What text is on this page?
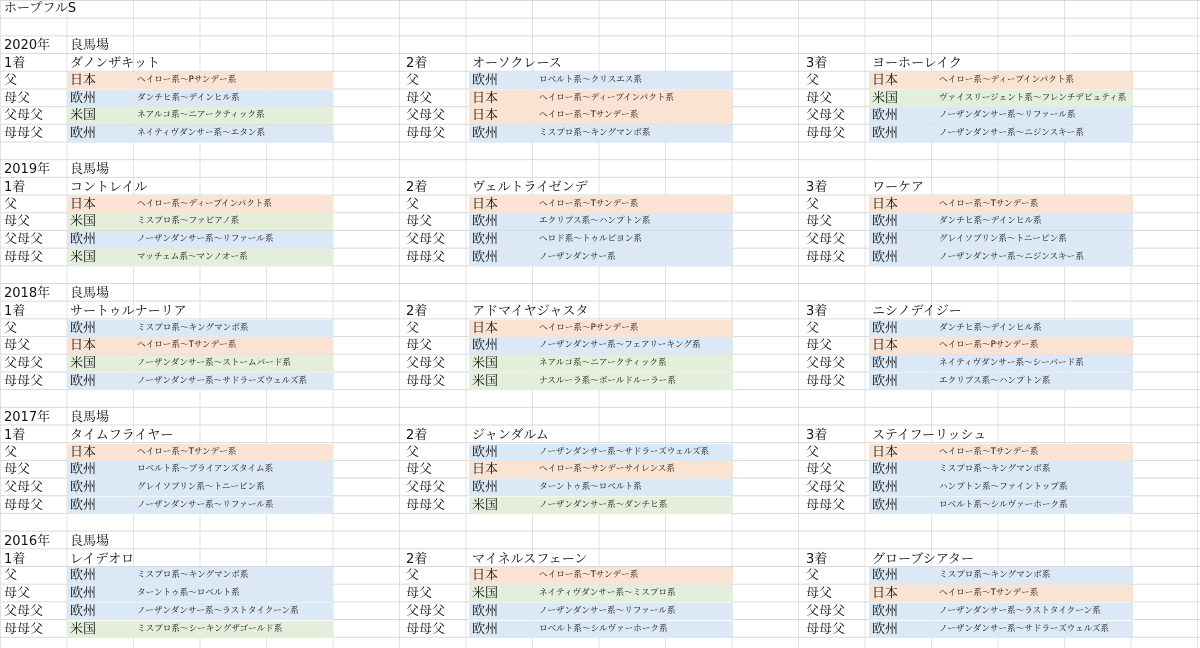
ホープフルS
2020年	良馬場
1着	ダノンザキット
父	日本	ヘイロー系〜Pサンデー系
母父	欧州	ダンチヒ系〜デインヒル系
父母父	米国	ネアルコ系〜ニアークティック系
母母父	欧州	ネイティヴダンサー系〜エタン系
2着	オーソクレース
父	欧州	ロベルト系〜クリスエス系
母父	日本	ヘイロー系〜ディープインパクト系
父母父	日本	ヘイロー系〜Tサンデー系
母母父	欧州	ミスプロ系〜キングマンボ系
3着	ヨーホーレイク
父	日本	ヘイロー系〜ディープインパクト系
母父	米国	ヴァイスリージェント系〜フレンチデピュティ系
父母父	欧州	ノーザンダンサー系〜リファール系
母母父	欧州	ノーザンダンサー系〜ニジンスキー系
2019年	良馬場
1着	コントレイル
父	日本	ヘイロー系〜ディープインパクト系
母父	米国	ミスプロ系〜ファピアノ系
父母父	欧州	ノーザンダンサー系〜リファール系
母母父	米国	マッチェム系〜マンノオー系
2着	ヴェルトライゼンデ
父	日本	ヘイロー系〜Tサンデー系
母父	欧州	エクリプス系〜ハンプトン系
父母父	欧州	ヘロド系〜トゥルビヨン系
母母父	欧州	ノーザンダンサー系
3着	ワーケア
父	日本	ヘイロー系〜Tサンデー系
母父	欧州	ダンチヒ系〜デインヒル系
父母父	欧州	グレイソブリン系〜トニービン系
母母父	欧州	ノーザンダンサー系〜ニジンスキー系
2018年	良馬場
1着	サートゥルナーリア
父	欧州	ミスプロ系〜キングマンボ系
母父	日本	ヘイロー系〜Tサンデー系
父母父	米国	ノーザンダンサー系〜ストームバード系
母母父	欧州	ノーザンダンサー系〜サドラーズウェルズ系
2着	アドマイヤジャスタ
父	日本	ヘイロー系〜Pサンデー系
母父	欧州	ノーザンダンサー系〜フェアリーキング系
父母父	米国	ネアルコ系〜ニアークティック系
母母父	米国	ナスルーラ系〜ボールドルーラー系
3着	ニシノデイジー
父	欧州	ダンチヒ系〜デインヒル系
母父	日本	ヘイロー系〜Pサンデー系
父母父	欧州	ネイティヴダンサー系〜シーバード系
母母父	欧州	エクリプス系〜ハンプトン系
2017年	良馬場
1着	タイムフライヤー
父	日本	ヘイロー系〜Tサンデー系
母父	欧州	ロベルト系〜ブライアンズタイム系
父母父	欧州	グレイソブリン系〜トニービン系
母母父	欧州	ノーザンダンサー系〜リファール系
2着	ジャンダルム
父	欧州	ノーザンダンサー系〜サドラーズウェルズ系
母父	日本	ヘイロー系〜サンデーサイレンス系
父母父	欧州	ターントゥ系〜ロベルト系
母母父	米国	ノーザンダンサー系〜ダンチヒ系
3着	ステイフーリッシュ
父	日本	ヘイロー系〜Tサンデー系
母父	欧州	ミスプロ系〜キングマンボ系
父母父	欧州	ハンプトン系〜ファイントップ系
母母父	欧州	ロベルト系〜シルヴァーホーク系
2016年	良馬場
1着	レイデオロ
父	欧州	ミスプロ系〜キングマンボ系
母父	欧州	ターントゥ系〜ロベルト系
父母父	欧州	ノーザンダンサー系〜ラストタイクーン系
母母父	米国	ミスプロ系〜シーキングザゴールド系
2着	マイネルスフェーン
父	日本	ヘイロー系〜Tサンデー系
母父	米国	ネイティヴダンサー系〜ミスプロ系
父母父	欧州	ノーザンダンサー系〜リファール系
母母父	欧州	ロベルト系〜シルヴァーホーク系
3着	グローブシアター
父	欧州	ミスプロ系〜キングマンボ系
母父	日本	ヘイロー系〜Tサンデー系
父母父	欧州	ノーザンダンサー系〜ラストタイクーン系
母母父	欧州	ノーザンダンサー系〜サドラーズウェルズ系
